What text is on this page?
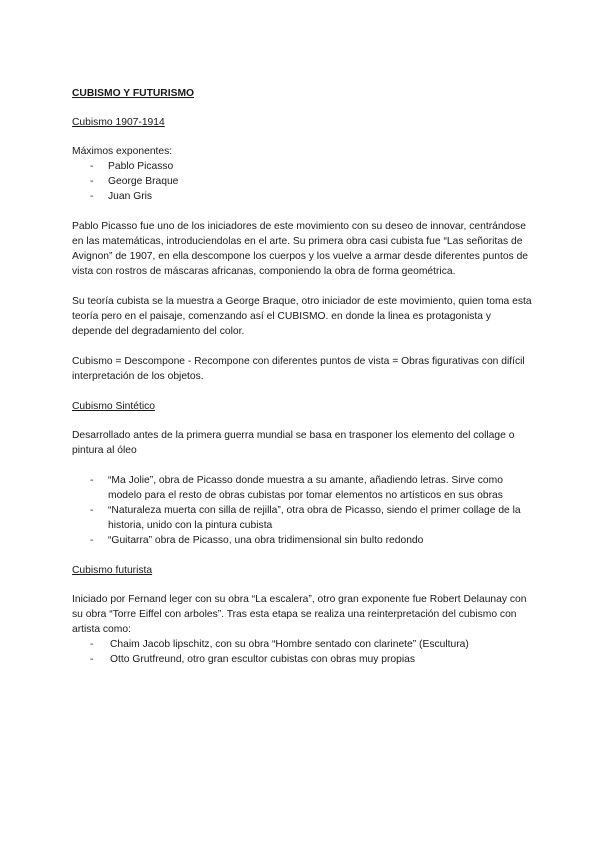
CUBISMO Y FUTURISMO
Cubismo 1907-1914
Máximos exponentes:
- Pablo Picasso
- George Braque
- Juan Gris

Pablo Picasso fue uno de los iniciadores de este movimiento con su deseo de innovar, centrándose en las matemáticas, introduciendolas en el arte. Su primera obra casi cubista fue “Las señoritas de Avignon” de 1907, en ella descompone los cuerpos y los vuelve a armar desde diferentes puntos de vista con rostros de máscaras africanas, componiendo la obra de forma geométrica.

Su teoría cubista se la muestra a George Braque, otro iniciador de este movimiento, quien toma esta teoría pero en el paisaje, comenzando así el CUBISMO. en donde la linea es protagonista y depende del degradamiento del color.

Cubismo = Descompone - Recompone con diferentes puntos de vista = Obras figurativas con difícil interpretación de los objetos.

Cubismo Sintético

Desarrollado antes de la primera guerra mundial se basa en trasponer los elemento del collage o pintura al óleo

- “Ma Jolie”, obra de Picasso donde muestra a su amante, añadiendo letras. Sirve como modelo para el resto de obras cubistas por tomar elementos no artísticos en sus obras
- “Naturaleza muerta con silla de rejilla”, otra obra de Picasso, siendo el primer collage de la historia, unido con la pintura cubista
- “Guitarra” obra de Picasso, una obra tridimensional sin bulto redondo
Cubismo futurista
Iniciado por Fernand leger con su obra “La escalera”, otro gran exponente fue Robert Delaunay con su obra “Torre Eiffel con arboles”. Tras esta etapa se realiza una reinterpretación del cubismo con artista como:
- Chaim Jacob lipschitz, con su obra “Hombre sentado con clarinete” (Escultura)
- Otto Grutfreund, otro gran escultor cubistas con obras muy propias
